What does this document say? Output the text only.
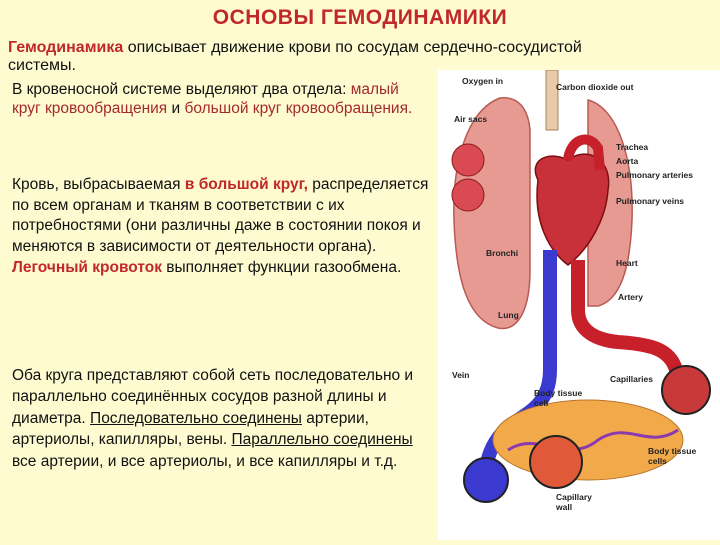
ОСНОВЫ ГЕМОДИНАМИКИ
Гемодинамика описывает движение крови по сосудам сердечно-сосудистой системы.
В кровеносной системе выделяют два отдела: малый круг кровообращения и большой круг кровообращения.
Кровь, выбрасываемая в большой круг, распределяется по всем органам и тканям в соответствии с их потребностями (они различны даже в состоянии покоя и меняются в зависимости от деятельности органа). Легочный кровоток выполняет функции газообмена.
Оба круга представляют собой сеть последовательно и параллельно соединённых сосудов разной длины и диаметра. Последовательно соединены артерии, артериолы, капилляры, вены. Параллельно соединены все артерии, и все артериолы, и все капилляры и т.д.
Oxygen in
Carbon dioxide out
Air sacs
Trachea
Aorta
Pulmonary arteries
Pulmonary veins
Bronchi
Heart
Artery
Lung
Vein
Body tissue
cell
Capillaries
Body tissue
cells
Capillary
wall
